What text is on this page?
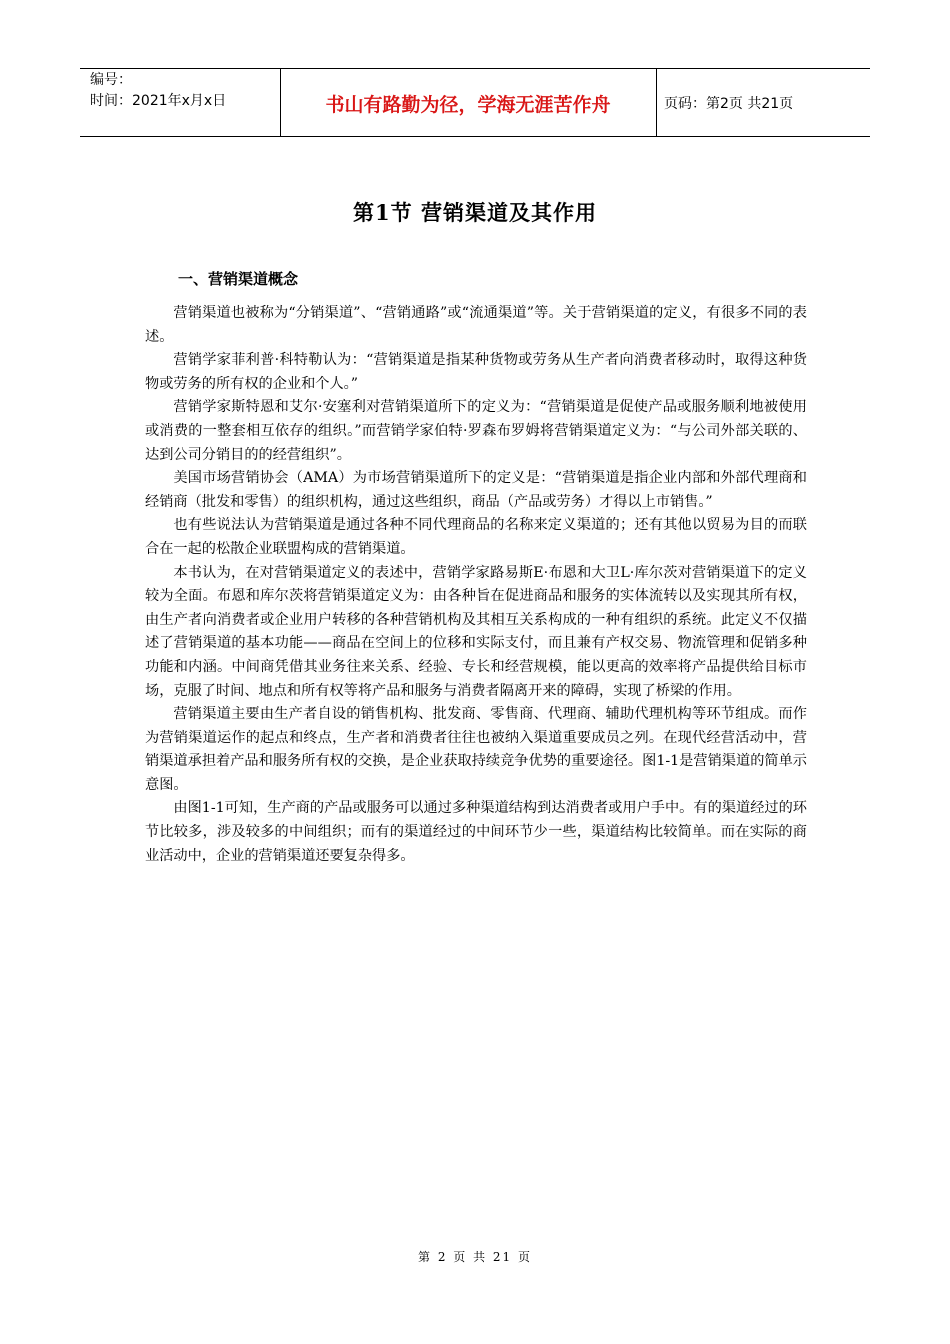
编号：
时间：2021年x月x日	书山有路勤为径，学海无涯苦作舟	页码：第2页 共21页
第1节 营销渠道及其作用
一、营销渠道概念

营销渠道也被称为“分销渠道”、“营销通路”或“流通渠道”等。关于营销渠道的定义，有很多不同的表述。

营销学家菲利普·科特勒认为：“营销渠道是指某种货物或劳务从生产者向消费者移动时，取得这种货物或劳务的所有权的企业和个人。”

营销学家斯特恩和艾尔·安塞利对营销渠道所下的定义为：“营销渠道是促使产品或服务顺利地被使用或消费的一整套相互依存的组织。”而营销学家伯特·罗森布罗姆将营销渠道定义为：“与公司外部关联的、达到公司分销目的的经营组织”。

美国市场营销协会（AMA）为市场营销渠道所下的定义是：“营销渠道是指企业内部和外部代理商和经销商（批发和零售）的组织机构，通过这些组织，商品（产品或劳务）才得以上市销售。”

也有些说法认为营销渠道是通过各种不同代理商品的名称来定义渠道的；还有其他以贸易为目的而联合在一起的松散企业联盟构成的营销渠道。

本书认为，在对营销渠道定义的表述中，营销学家路易斯E·布恩和大卫L·库尔茨对营销渠道下的定义较为全面。布恩和库尔茨将营销渠道定义为：由各种旨在促进商品和服务的实体流转以及实现其所有权，由生产者向消费者或企业用户转移的各种营销机构及其相互关系构成的一种有组织的系统。此定义不仅描述了营销渠道的基本功能——商品在空间上的位移和实际支付，而且兼有产权交易、物流管理和促销多种功能和内涵。中间商凭借其业务往来关系、经验、专长和经营规模，能以更高的效率将产品提供给目标市场，克服了时间、地点和所有权等将产品和服务与消费者隔离开来的障碍，实现了桥梁的作用。

营销渠道主要由生产者自设的销售机构、批发商、零售商、代理商、辅助代理机构等环节组成。而作为营销渠道运作的起点和终点，生产者和消费者往往也被纳入渠道重要成员之列。在现代经营活动中，营销渠道承担着产品和服务所有权的交换，是企业获取持续竞争优势的重要途径。图1-1是营销渠道的简单示意图。

由图1-1可知，生产商的产品或服务可以通过多种渠道结构到达消费者或用户手中。有的渠道经过的环节比较多，涉及较多的中间组织；而有的渠道经过的中间环节少一些，渠道结构比较简单。而在实际的商业活动中，企业的营销渠道还要复杂得多。

第 2 页 共 21 页
